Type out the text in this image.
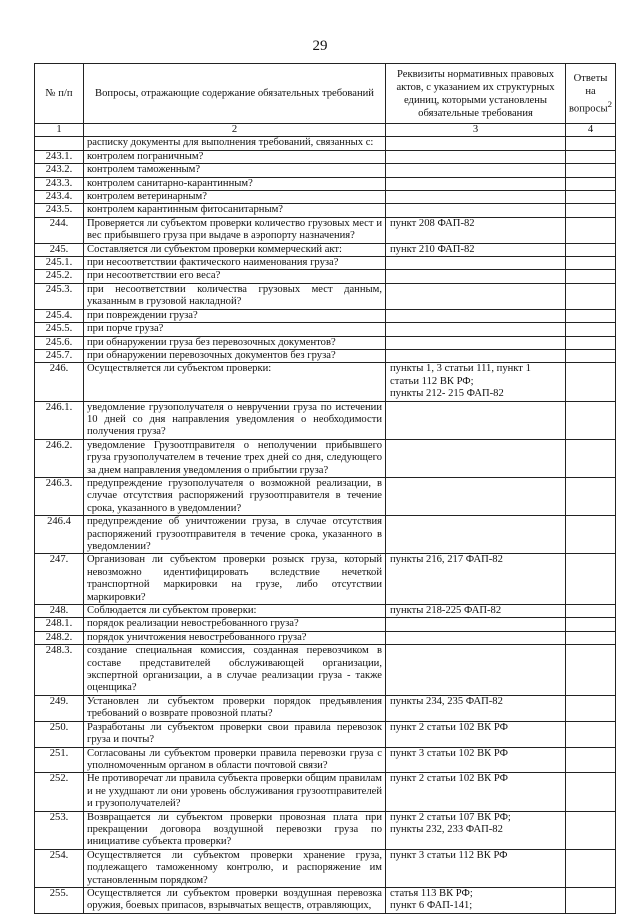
29
№ п/п	Вопросы, отражающие содержание обязательных требований	Реквизиты нормативных правовых актов, с указанием их структурных единиц, которыми установлены обязательные требования	Ответы на вопросы$^2$
1	2	3	4
	расписку документы для выполнения требований, связанных с:		
243.1.	контролем пограничным?		
243.2.	контролем таможенным?		
243.3.	контролем санитарно-карантинным?		
243.4.	контролем ветеринарным?		
243.5.	контролем карантинным фитосанитарным?		
244.	Проверяется ли субъектом проверки количество грузовых мест и вес прибывшего груза при выдаче в аэропорту назначения?	пункт 208 ФАП-82	
245.	Составляется ли субъектом проверки коммерческий акт:	пункт 210 ФАП-82	
245.1.	при несоответствии фактического наименования груза?		
245.2.	при несоответствии его веса?		
245.3.	при несоответствии количества грузовых мест данным, указанным в грузовой накладной?		
245.4.	при повреждении груза?		
245.5.	при порче груза?		
245.6.	при обнаружении груза без перевозочных документов?		
245.7.	при обнаружении перевозочных документов без груза?		
246.	Осуществляется ли субъектом проверки:	пункты 1, 3 статьи 111, пункт 1 статьи 112 ВК РФ;
пункты 212- 215 ФАП-82	
246.1.	уведомление грузополучателя о невручении груза по истечении 10 дней со дня направления уведомления о необходимости получения груза?		
246.2.	уведомление Грузоотправителя о неполучении прибывшего груза грузополучателем в течение трех дней со дня, следующего за днем направления уведомления о прибытии груза?		
246.3.	предупреждение грузополучателя о возможной реализации, в случае отсутствия распоряжений грузоотправителя в течение срока, указанного в уведомлении?		
246.4	предупреждение об уничтожении груза, в случае отсутствия распоряжений грузоотправителя в течение срока, указанного в уведомлении?		
247.	Организован ли субъектом проверки розыск груза, который невозможно идентифицировать вследствие нечеткой транспортной маркировки на грузе, либо отсутствии маркировки?	пункты 216, 217 ФАП-82	
248.	Соблюдается ли субъектом проверки:	пункты 218-225 ФАП-82	
248.1.	порядок реализации невостребованного груза?		
248.2.	порядок уничтожения невостребованного груза?		
248.3.	создание специальная комиссия, созданная перевозчиком в составе представителей обслуживающей организации, экспертной организации, а в случае реализации груза - также оценщика?		
249.	Установлен ли субъектом проверки порядок предъявления требований о возврате провозной платы?	пункты 234, 235 ФАП-82	
250.	Разработаны ли субъектом проверки свои правила перевозок груза и почты?	пункт 2 статьи 102 ВК РФ	
251.	Согласованы ли субъектом проверки правила перевозки груза с уполномоченным органом в области почтовой связи?	пункт 3 статьи 102 ВК РФ	
252.	Не противоречат ли правила субъекта проверки общим правилам и не ухудшают ли они уровень обслуживания грузоотправителей и грузополучателей?	пункт 2 статьи 102 ВК РФ	
253.	Возвращается ли субъектом проверки провозная плата при прекращении договора воздушной перевозки груза по инициативе субъекта проверки?	пункт 2 статьи 107 ВК РФ;
пункты 232, 233 ФАП-82	
254.	Осуществляется ли субъектом проверки хранение груза, подлежащего таможенному контролю, и распоряжение им установленным порядком?	пункт 3 статьи 112 ВК РФ	
255.	Осуществляется ли субъектом проверки воздушная перевозка оружия, боевых припасов, взрывчатых веществ, отравляющих,	статья 113 ВК РФ;
пункт 6 ФАП-141;	
